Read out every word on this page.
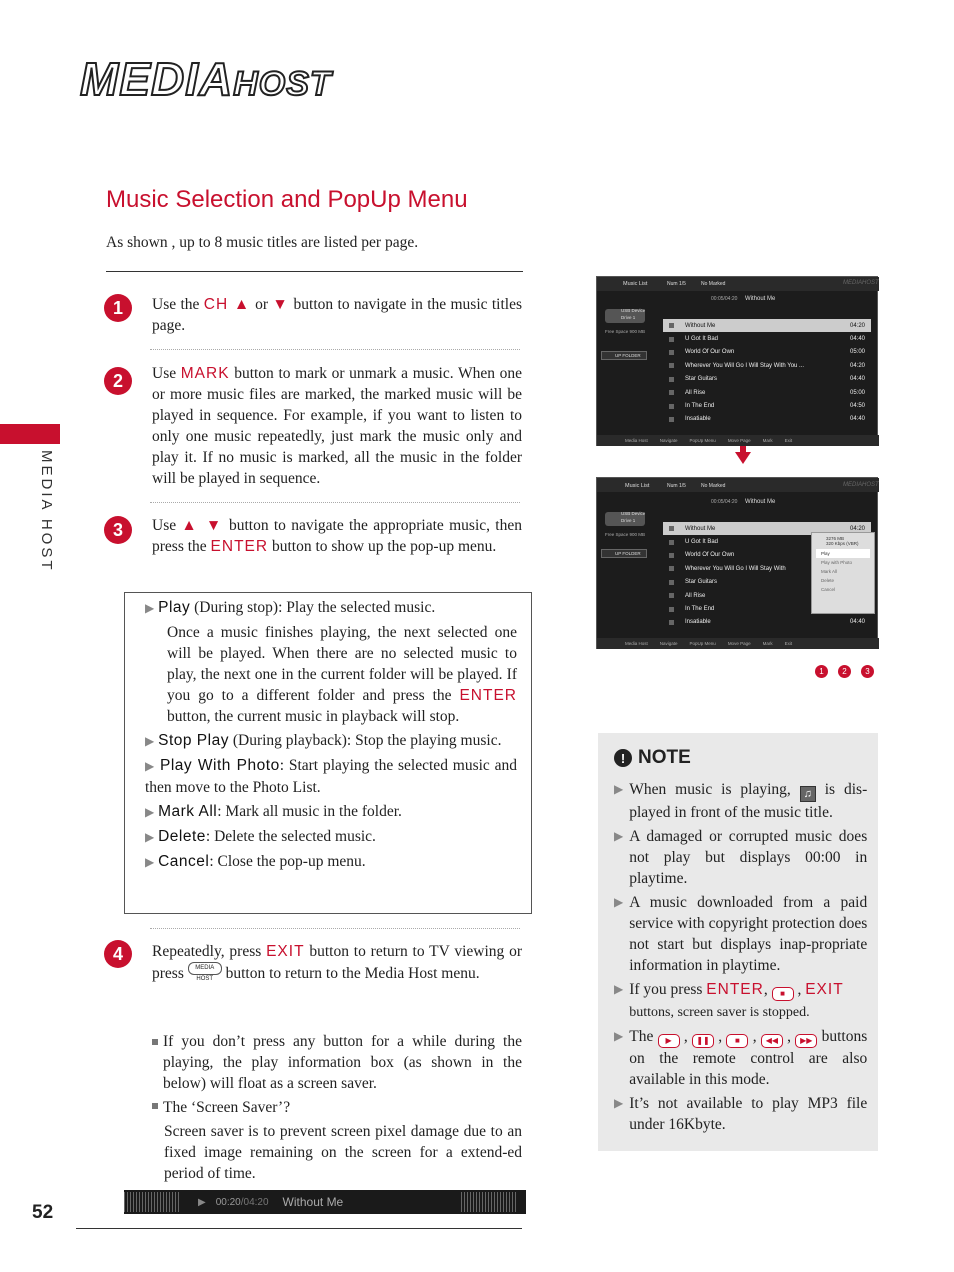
MEDIAHOST
Music Selection and PopUp Menu
As shown , up to 8 music titles are listed per page.
MEDIA HOST
1	Use the CH ▲ or ▼ button to navigate in the music titles page.
2	Use MARK button to mark or unmark a music. When one or more music files are marked, the marked music will be played in sequence. For example, if you want to listen to only one music repeatedly, just mark the music only and play it. If no music is marked, all the music in the folder will be played in sequence.
3	Use ▲ ▼ button to navigate the appropriate music, then press the ENTER button to show up the pop-up menu.
▶ Play (During stop): Play the selected music.
Once a music finishes playing, the next selected one will be played. When there are no selected music to play, the next one in the current folder will be played. If you go to a different folder and press the ENTER button, the current music in playback will stop.
▶ Stop Play (During playback): Stop the playing music.
▶ Play With Photo: Start playing the selected music and then move to the Photo List.
▶ Mark All: Mark all music in the folder.
▶ Delete: Delete the selected music.
▶ Cancel: Close the pop-up menu.
4	Repeatedly, press EXIT button to return to TV viewing or press MEDIA HOST button to return to the Media Host menu.
If you don’t press any button for a while during the playing, the play information box (as shown in the below) will float as a screen saver.
The ‘Screen Saver’?
Screen saver is to prevent screen pixel damage due to an fixed image remaining on the screen for a extend-ed period of time.
▶ 00:20 /04:20 Without Me
52
Music List	Num 1/5	No Marked	MEDIAHOST
00:05/04:20 Without Me
USB Device
Drive 1
Free Space 900 MB
UP FOLDER
Without Me	04:20
U Got It Bad	04:40
World Of Our Own	05:00
Wherever You Will Go I Will Stay With You ...	04:20
Star Guitars	04:40
All Rise	05:00
In The End	04:50
Insatiable	04:40
Media Host	Navigate	PopUp Menu	Move Page	Mark	Exit
Music List	Num 1/5	No Marked	MEDIAHOST
00:05/04:20 Without Me
USB Device
Drive 1
Free Space 900 MB
UP FOLDER
Without Me	04:20
U Got It Bad
World Of Our Own
Wherever You Will Go I Will Stay With
Star Guitars
All Rise
In The End
Insatiable	04:40
3276 MB
320 Kbps (VBR)
Play
Play with Photo
Mark All
Delete
Cancel
Media Host	Navigate	PopUp Menu	Move Page	Mark	Exit
1	2	3
! NOTE
▶ When music is playing, ♫ is dis-played in front of the music title.
▶ A damaged or corrupted music does not play but displays 00:00 in playtime.
▶ A music downloaded from a paid service with copyright protection does not start but displays inap-propriate information in playtime.
▶ If you press ENTER, ■ , EXIT
buttons, screen saver is stopped.
▶ The ▶ , ❚❚ , ■ , ◀◀ , ▶▶ buttons on the remote control are also available in this mode.
▶ It’s not available to play MP3 file under 16Kbyte.
